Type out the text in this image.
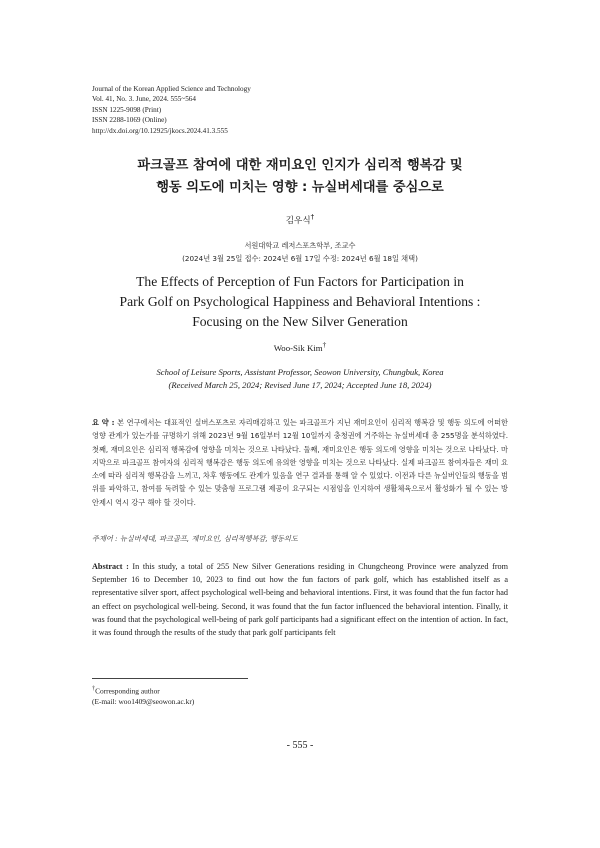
Journal of the Korean Applied Science and Technology
Vol. 41, No. 3. June, 2024. 555~564
ISSN 1225-9098 (Print)
ISSN 2288-1069 (Online)
http://dx.doi.org/10.12925/jkocs.2024.41.3.555
파크골프 참여에 대한 재미요인 인지가 심리적 행복감 및
행동 의도에 미치는 영향 : 뉴실버세대를 중심으로
김우식†
서원대학교 레저스포츠학부, 조교수
(2024년 3월 25일 접수: 2024년 6월 17일 수정: 2024년 6월 18일 채택)
The Effects of Perception of Fun Factors for Participation in
Park Golf on Psychological Happiness and Behavioral Intentions :
Focusing on the New Silver Generation
Woo-Sik Kim†
School of Leisure Sports, Assistant Professor, Seowon University, Chungbuk, Korea
(Received March 25, 2024; Revised June 17, 2024; Accepted June 18, 2024)
요 약 : 본 연구에서는 대표적인 실버스포츠로 자리매김하고 있는 파크골프가 지닌 재미요인이 심리적 행복감 및 행동 의도에 어떠한 영향 관계가 있는가를 규명하기 위해 2023년 9월 16일부터 12월 10일까지 충청권에 거주하는 뉴실버세대 총 255명을 분석하였다. 첫째, 재미요인은 심리적 행복감에 영향을 미치는 것으로 나타났다. 둘째, 재미요인은 행동 의도에 영향을 미치는 것으로 나타났다. 마지막으로 파크골프 참여자의 심리적 행복감은 행동 의도에 유의한 영향을 미치는 것으로 나타났다. 실제 파크골프 참여자들은 재미 요소에 따라 심리적 행복감을 느끼고, 차후 행동에도 관계가 있음을 연구 결과를 통해 알 수 있었다. 이전과 다른 뉴실버인들의 행동을 범위를 파악하고, 참여를 독려할 수 있는 맞춤형 프로그램 제공이 요구되는 시점임을 인지하여 생활체육으로서 활성화가 될 수 있는 방안제시 역시 강구 해야 할 것이다.
주제어 : 뉴실버세대, 파크골프, 재미요인, 심리적행복감, 행동의도
Abstract : In this study, a total of 255 New Silver Generations residing in Chungcheong Province were analyzed from September 16 to December 10, 2023 to find out how the fun factors of park golf, which has established itself as a representative silver sport, affect psychological well-being and behavioral intentions. First, it was found that the fun factor had an effect on psychological well-being. Second, it was found that the fun factor influenced the behavioral intention. Finally, it was found that the psychological well-being of park golf participants had a significant effect on the intention of action. In fact, it was found through the results of the study that park golf participants felt
†Corresponding author
(E-mail: woo1409@seowon.ac.kr)
- 555 -
